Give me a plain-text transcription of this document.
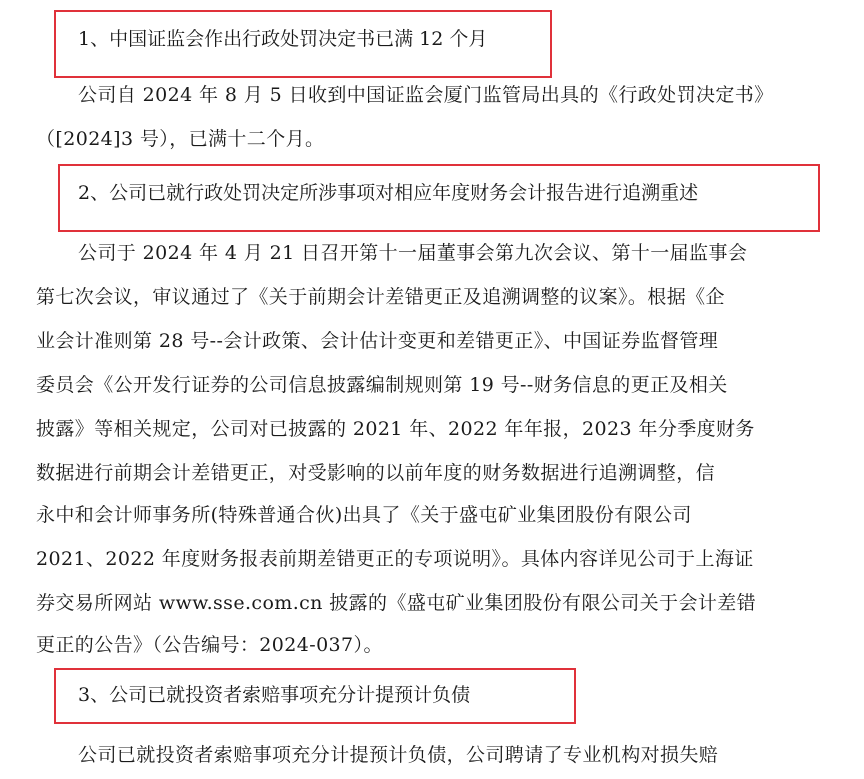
1、中国证监会作出行政处罚决定书已满 12 个月
公司自 2024 年 8 月 5 日收到中国证监会厦门监管局出具的《行政处罚决定书》
（[2024]3 号），已满十二个月。
2、公司已就行政处罚决定所涉事项对相应年度财务会计报告进行追溯重述
公司于 2024 年 4 月 21 日召开第十一届董事会第九次会议、第十一届监事会
第七次会议，审议通过了《关于前期会计差错更正及追溯调整的议案》。根据《企
业会计准则第 28 号--会计政策、会计估计变更和差错更正》、中国证券监督管理
委员会《公开发行证券的公司信息披露编制规则第 19 号--财务信息的更正及相关
披露》等相关规定，公司对已披露的 2021 年、2022 年年报，2023 年分季度财务
数据进行前期会计差错更正，对受影响的以前年度的财务数据进行追溯调整，信
永中和会计师事务所(特殊普通合伙)出具了《关于盛屯矿业集团股份有限公司
2021、2022 年度财务报表前期差错更正的专项说明》。具体内容详见公司于上海证
券交易所网站 www.sse.com.cn 披露的《盛屯矿业集团股份有限公司关于会计差错
更正的公告》（公告编号：2024-037）。
3、公司已就投资者索赔事项充分计提预计负债
公司已就投资者索赔事项充分计提预计负债，公司聘请了专业机构对损失赔
